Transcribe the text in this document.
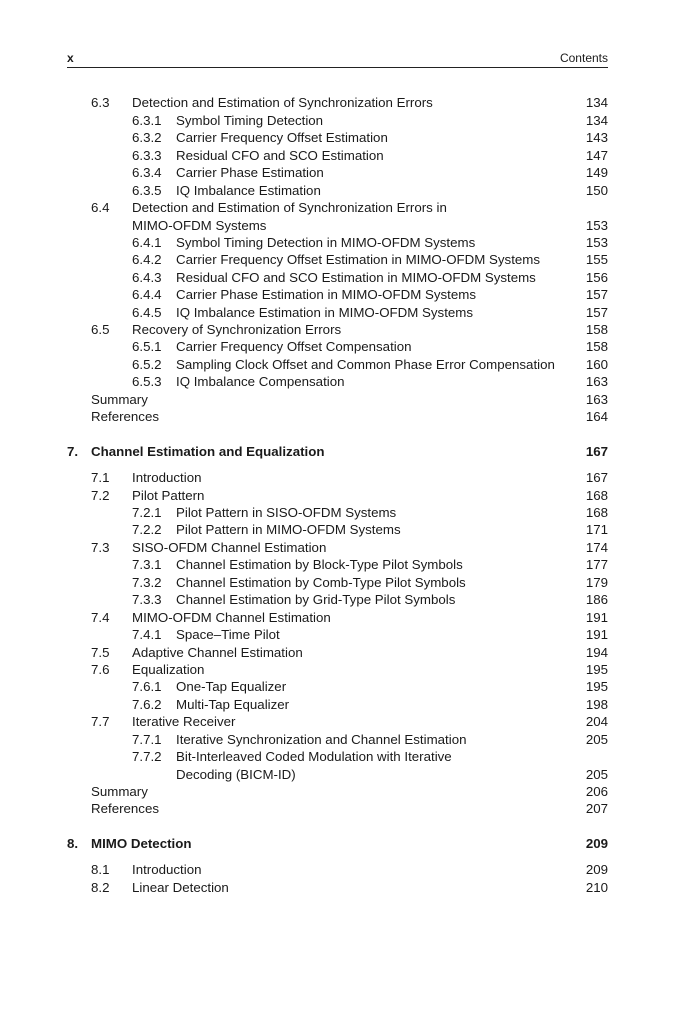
x	Contents
6.3 Detection and Estimation of Synchronization Errors	134
6.3.1 Symbol Timing Detection	134
6.3.2 Carrier Frequency Offset Estimation	143
6.3.3 Residual CFO and SCO Estimation	147
6.3.4 Carrier Phase Estimation	149
6.3.5 IQ Imbalance Estimation	150
6.4 Detection and Estimation of Synchronization Errors in
MIMO-OFDM Systems	153
6.4.1 Symbol Timing Detection in MIMO-OFDM Systems	153
6.4.2 Carrier Frequency Offset Estimation in MIMO-OFDM Systems	155
6.4.3 Residual CFO and SCO Estimation in MIMO-OFDM Systems	156
6.4.4 Carrier Phase Estimation in MIMO-OFDM Systems	157
6.4.5 IQ Imbalance Estimation in MIMO-OFDM Systems	157
6.5 Recovery of Synchronization Errors	158
6.5.1 Carrier Frequency Offset Compensation	158
6.5.2 Sampling Clock Offset and Common Phase Error Compensation 160
6.5.3 IQ Imbalance Compensation	163
Summary	163
References	164
7. Channel Estimation and Equalization	167
7.1 Introduction	167
7.2 Pilot Pattern	168
7.2.1 Pilot Pattern in SISO-OFDM Systems	168
7.2.2 Pilot Pattern in MIMO-OFDM Systems	171
7.3 SISO-OFDM Channel Estimation	174
7.3.1 Channel Estimation by Block-Type Pilot Symbols	177
7.3.2 Channel Estimation by Comb-Type Pilot Symbols	179
7.3.3 Channel Estimation by Grid-Type Pilot Symbols	186
7.4 MIMO-OFDM Channel Estimation	191
7.4.1 Space–Time Pilot	191
7.5 Adaptive Channel Estimation	194
7.6 Equalization	195
7.6.1 One-Tap Equalizer	195
7.6.2 Multi-Tap Equalizer	198
7.7 Iterative Receiver	204
7.7.1 Iterative Synchronization and Channel Estimation	205
7.7.2 Bit-Interleaved Coded Modulation with Iterative
Decoding (BICM-ID)	205
Summary	206
References	207
8. MIMO Detection	209
8.1 Introduction	209
8.2 Linear Detection	210
